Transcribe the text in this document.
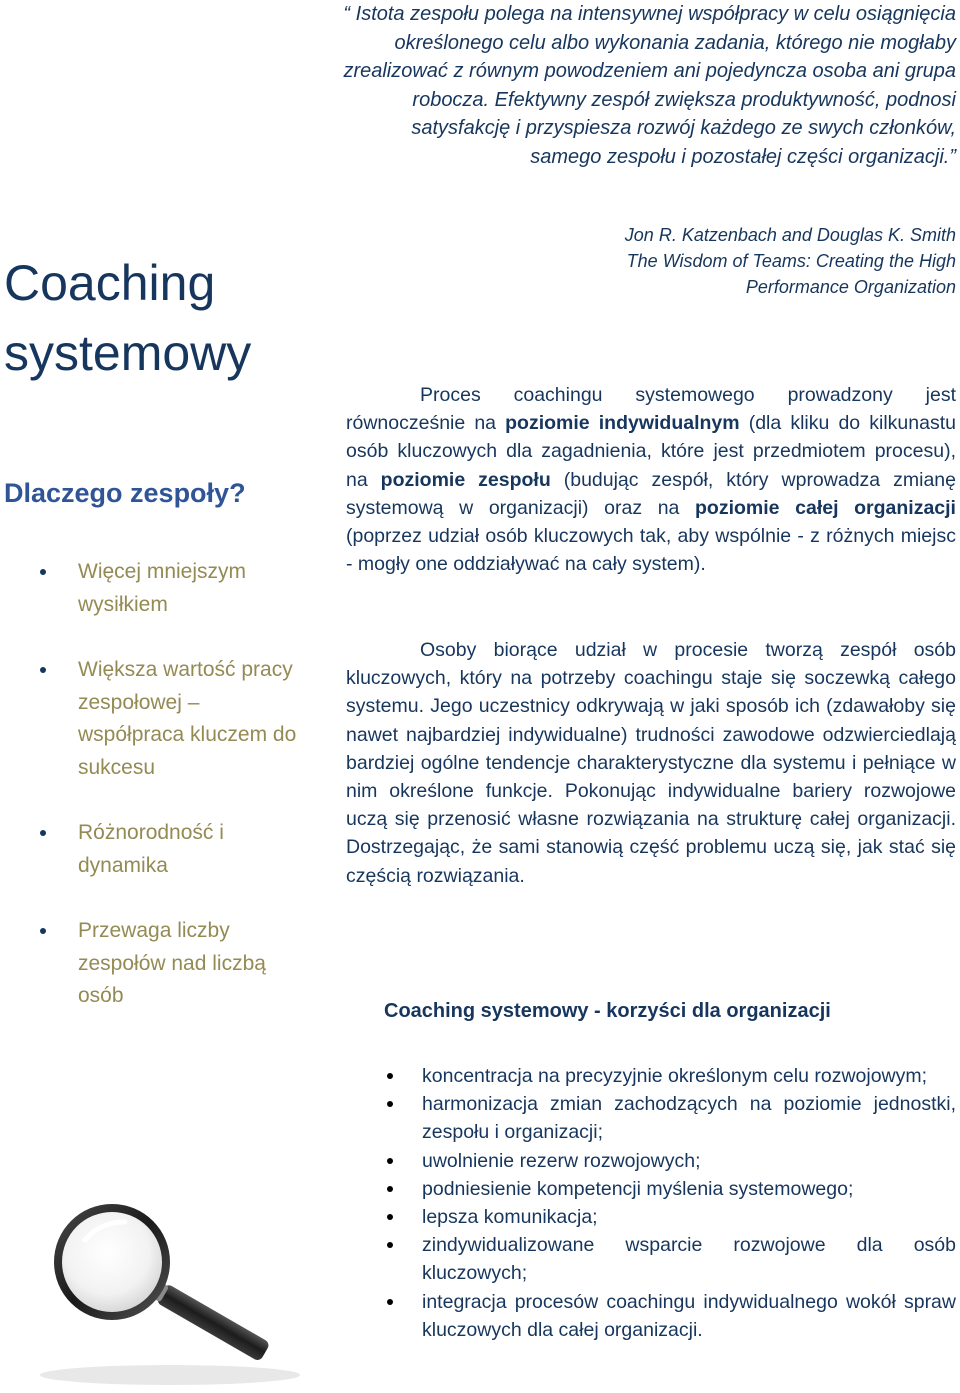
“ Istota zespołu polega na intensywnej współpracy w celu osiągnięcia określonego celu albo wykonania zadania, którego nie mogłaby zrealizować z równym powodzeniem ani pojedyncza osoba ani grupa robocza. Efektywny zespół zwiększa produktywność, podnosi satysfakcję i przyspiesza rozwój każdego ze swych członków, samego zespołu i pozostałej części organizacji.”

Jon R. Katzenbach and Douglas K. Smith
The Wisdom of Teams: Creating the High
Performance Organization
Coaching systemowy
Dlaczego zespoły?
Więcej mniejszym wysiłkiem
Większa wartość pracy zespołowej – współpraca kluczem do sukcesu
Różnorodność i dynamika
Przewaga liczby zespołów nad liczbą osób

Proces coachingu systemowego prowadzony jest równocześnie na poziomie indywidualnym (dla kliku do kilkunastu osób kluczowych dla zagadnienia, które jest przedmiotem procesu), na poziomie zespołu (budując zespół, który wprowadza zmianę systemową w organizacji) oraz na poziomie całej organizacji (poprzez udział osób kluczowych tak, aby wspólnie - z różnych miejsc - mogły one oddziaływać na cały system).

Osoby biorące udział w procesie tworzą zespół osób kluczowych, który na potrzeby coachingu staje się soczewką całego systemu. Jego uczestnicy odkrywają w jaki sposób ich (zdawałoby się nawet najbardziej indywidualne) trudności zawodowe odzwierciedlają bardziej ogólne tendencje charakterystyczne dla systemu i pełniące w nim określone funkcje. Pokonując indywidualne bariery rozwojowe uczą się przenosić własne rozwiązania na strukturę całej organizacji. Dostrzegając, że sami stanowią część problemu uczą się, jak stać się częścią rozwiązania.

Coaching systemowy - korzyści dla organizacji
koncentracja na precyzyjnie określonym celu rozwojowym;
harmonizacja zmian zachodzących na poziomie jednostki, zespołu i organizacji;
uwolnienie rezerw rozwojowych;
podniesienie kompetencji myślenia systemowego;
lepsza komunikacja;
zindywidualizowane wsparcie rozwojowe dla osób kluczowych;
integracja procesów coachingu indywidualnego wokół spraw kluczowych dla całej organizacji.
